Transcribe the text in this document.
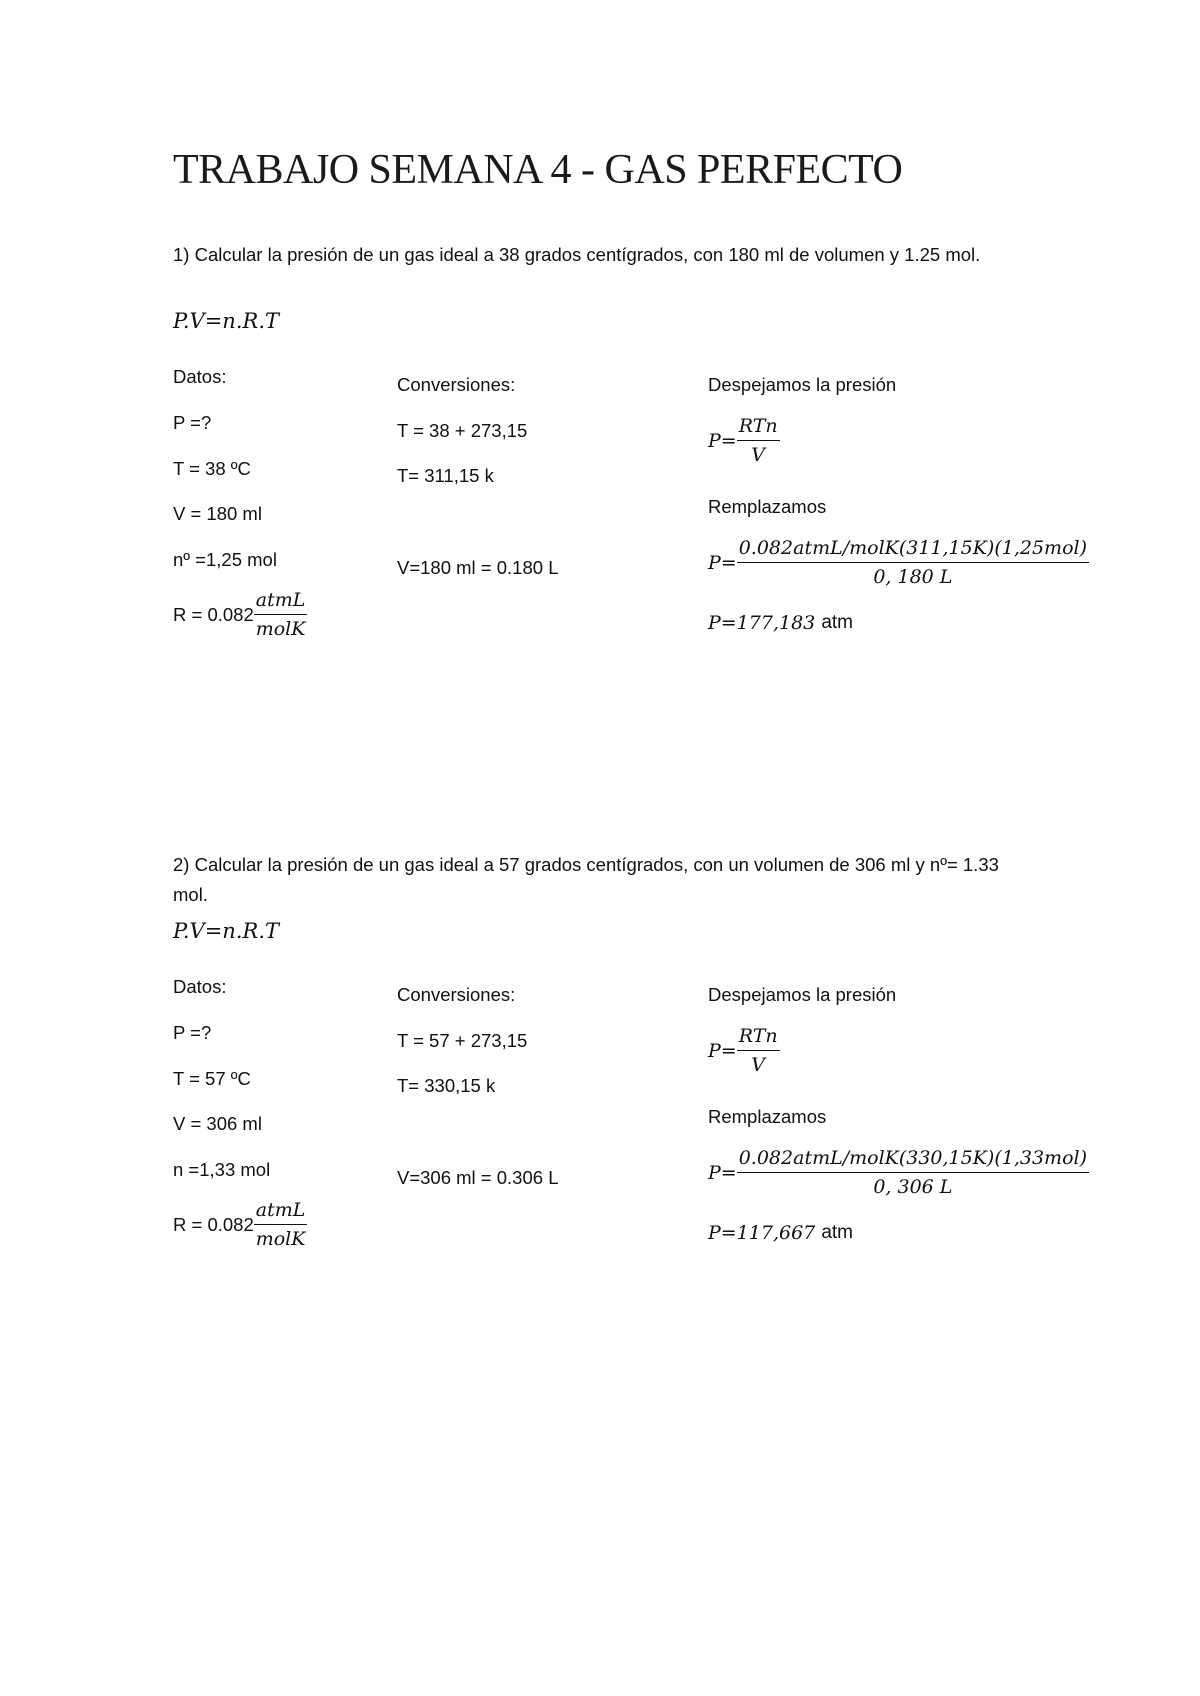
TRABAJO SEMANA 4 - GAS PERFECTO
1) Calcular la presión de un gas ideal a 38 grados centígrados, con 180 ml de volumen y 1.25 mol.
P.V=n.R.T
Datos:
P =?
T = 38 ºC
V = 180 ml
nº =1,25 mol
$R = 0.082 \frac{\text{atmL}}{\text{molK}}$
Conversiones:
T = 38 + 273,15
T= 311,15 k
V=180 ml = 0.180 L
Despejamos la presión
$P= \frac{\text{RTn}}{V}$
Remplazamos
$P= \frac{\text{0.082atmL/molK(311,15K)(1,25mol)}}{0, 180 L}$
P=177,183
atm
2) Calcular la presión de un gas ideal a 57 grados centígrados, con un volumen de 306 ml y nº= 1.33 mol.
P.V=n.R.T
Datos:
P =?
T = 57 ºC
V = 306 ml
n =1,33 mol
$R = 0.082 \frac{\text{atmL}}{\text{molK}}$
Conversiones:
T = 57 + 273,15
T= 330,15 k
V=306 ml = 0.306 L
Despejamos la presión
$P= \frac{\text{RTn}}{V}$
Remplazamos
$P= \frac{\text{0.082atmL/molK(330,15K)(1,33mol)}}{0, 306 L}$
P=117,667
atm
